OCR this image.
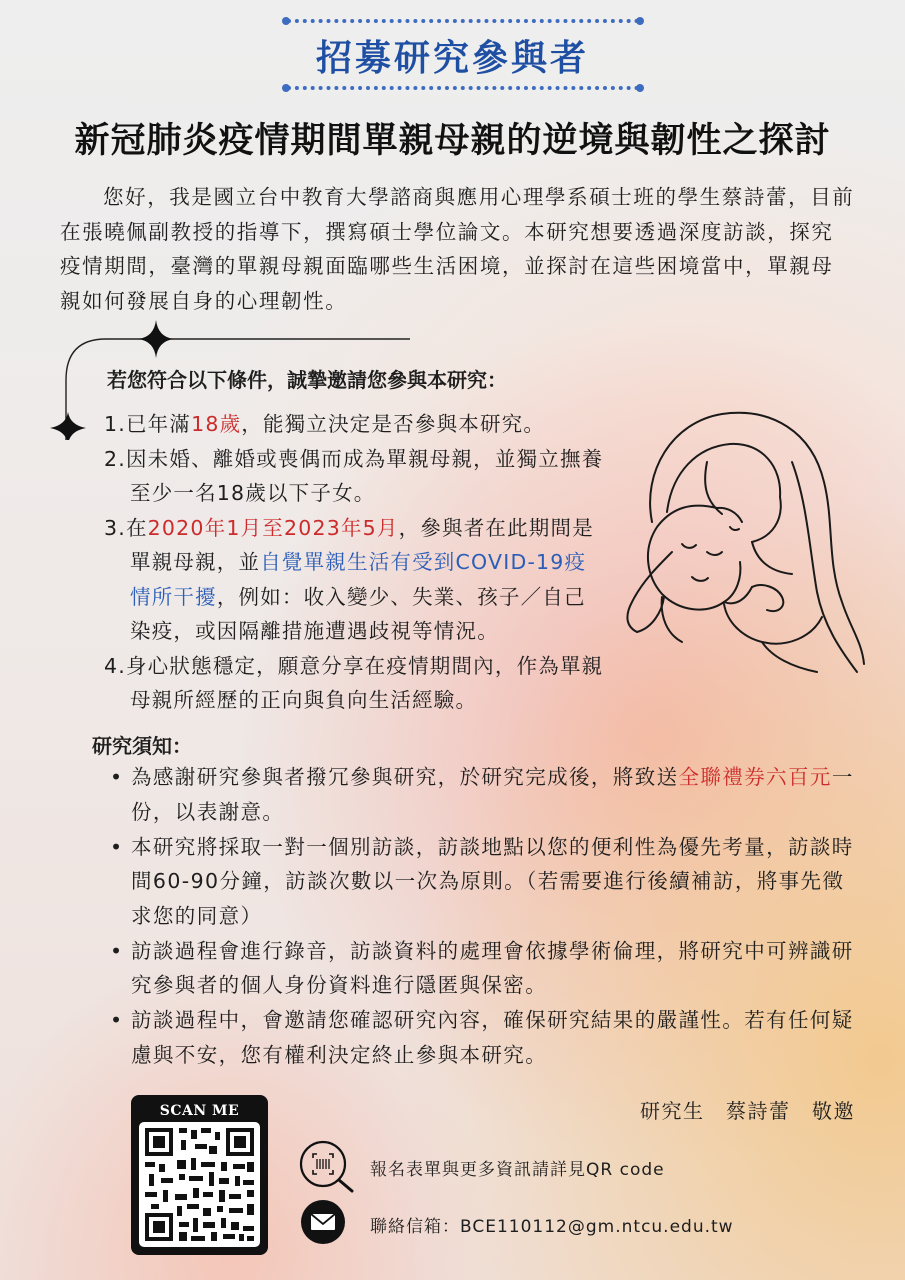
招募研究參與者
新冠肺炎疫情期間單親母親的逆境與韌性之探討
您好，我是國立台中教育大學諮商與應用心理學系碩士班的學生蔡詩蕾，目前在張曉佩副教授的指導下，撰寫碩士學位論文。本研究想要透過深度訪談，探究疫情期間，臺灣的單親母親面臨哪些生活困境，並探討在這些困境當中，單親母親如何發展自身的心理韌性。
若您符合以下條件，誠摯邀請您參與本研究：
1.已年滿18歲，能獨立決定是否參與本研究。
2.因未婚、離婚或喪偶而成為單親母親，並獨立撫養至少一名18歲以下子女。
3.在2020年1月至2023年5月，參與者在此期間是單親母親，並自覺單親生活有受到COVID-19疫情所干擾，例如：收入變少、失業、孩子／自己染疫，或因隔離措施遭遇歧視等情況。
4.身心狀態穩定，願意分享在疫情期間內，作為單親母親所經歷的正向與負向生活經驗。
研究須知：
• 為感謝研究參與者撥冗參與研究，於研究完成後，將致送全聯禮券六百元一份，以表謝意。
• 本研究將採取一對一個別訪談，訪談地點以您的便利性為優先考量，訪談時間60-90分鐘，訪談次數以一次為原則。（若需要進行後續補訪，將事先徵求您的同意）
• 訪談過程會進行錄音，訪談資料的處理會依據學術倫理，將研究中可辨識研究參與者的個人身份資料進行隱匿與保密。
• 訪談過程中，會邀請您確認研究內容，確保研究結果的嚴謹性。若有任何疑慮與不安，您有權利決定終止參與本研究。
研究生　蔡詩蕾　敬邀
SCAN ME
報名表單與更多資訊請詳見QR code
聯絡信箱：BCE110112@gm.ntcu.edu.tw
